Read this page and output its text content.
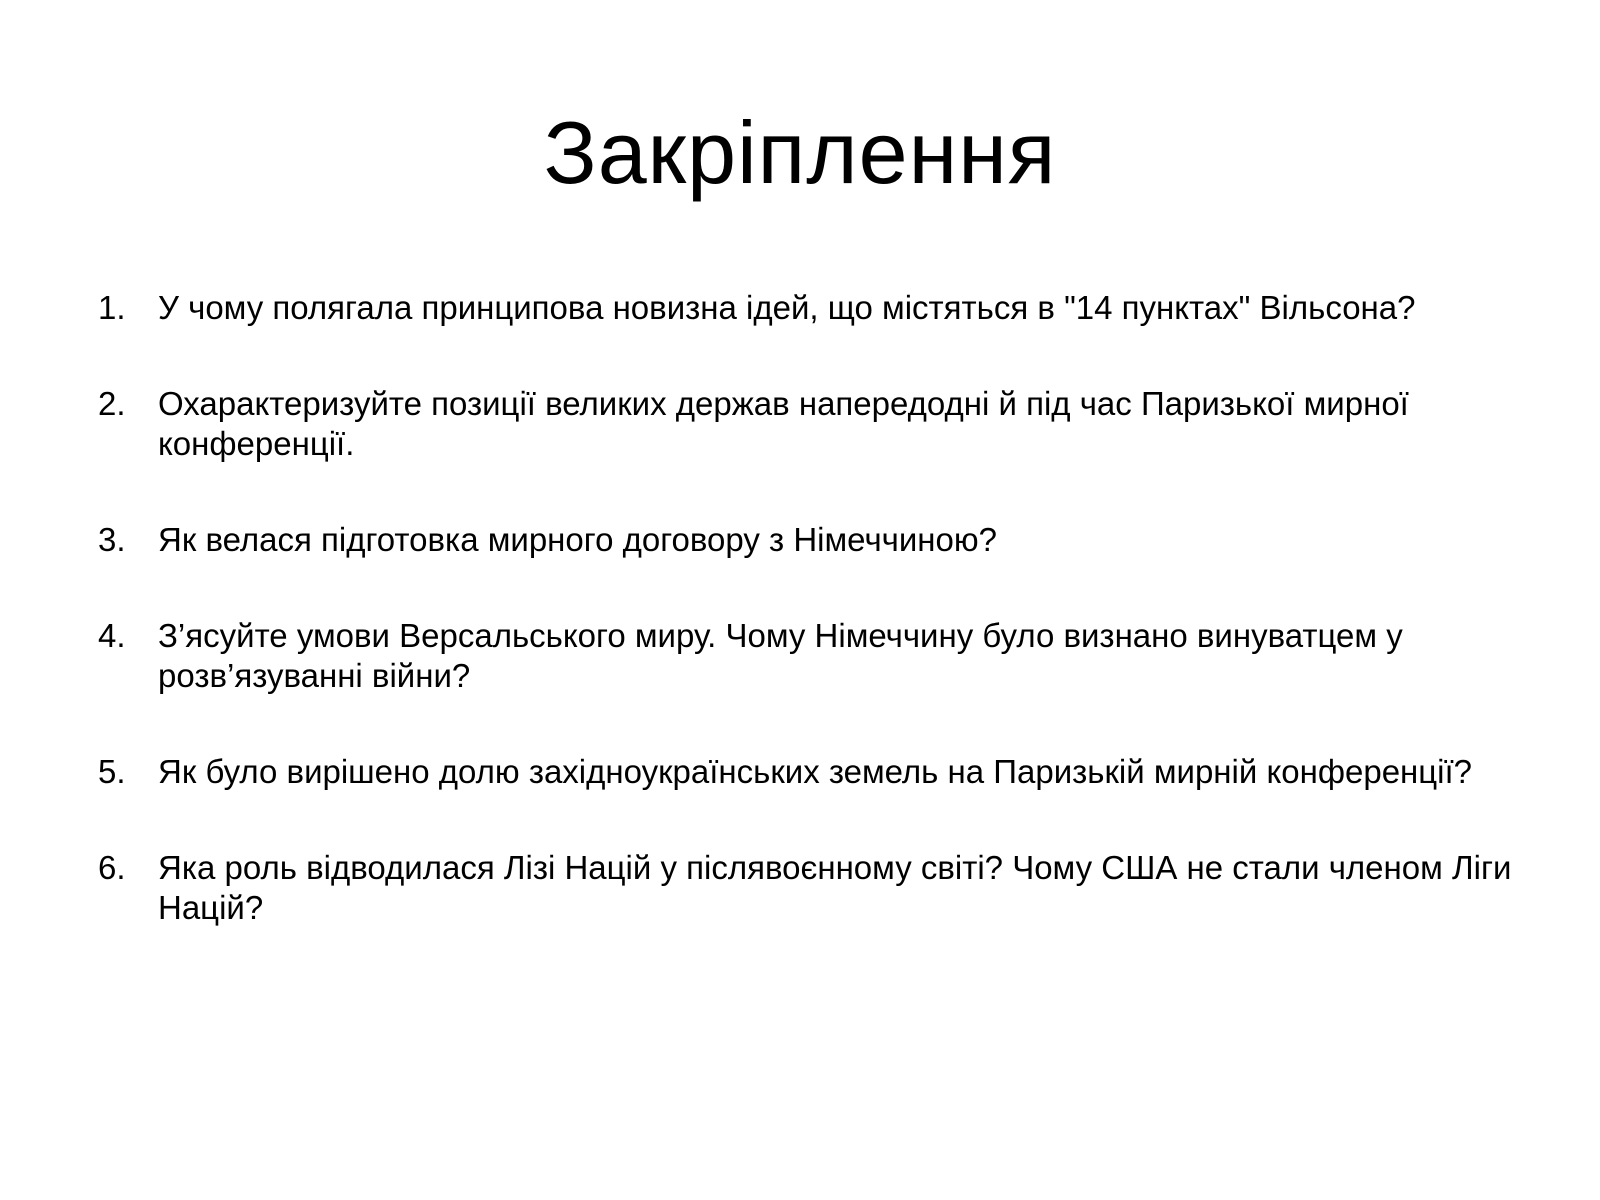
Закріплення
1. У чому полягала принципова новизна ідей, що містяться в "14 пунктах" Вільсона?
2. Охарактеризуйте позиції великих держав напередодні й під час Паризької мирної конференції.
3. Як велася підготовка мирного договору з Німеччиною?
4. З’ясуйте умови Версальського миру. Чому Німеччину було визнано винуватцем у розв’язуванні війни?
5. Як було вирішено долю західноукраїнських земель на Паризькій мирній конференції?
6. Яка роль відводилася Лізі Націй у післявоєнному світі? Чому США не стали членом Ліги Націй?
